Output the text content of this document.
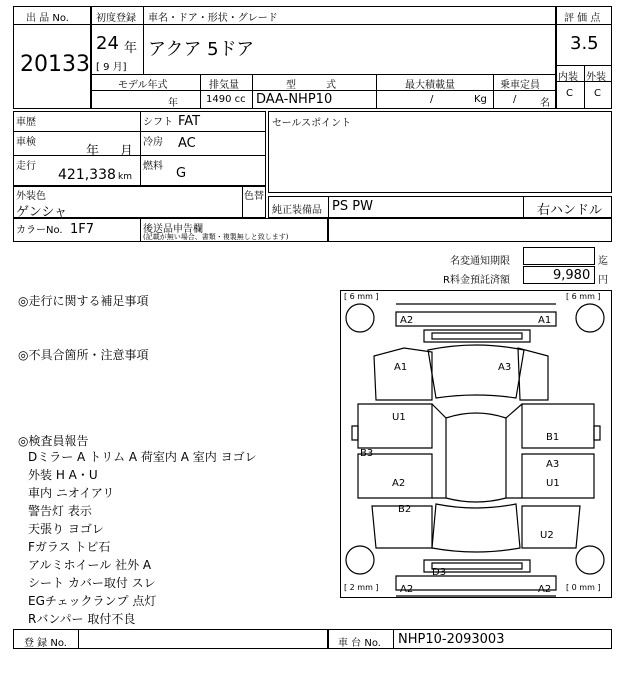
出 品 No.
20133
初度登録 車名・ドア・形状・グレード
24 年
[ 9 月]
アクア 5ドア
モデル年式	排気量	型　　　式	最大積載量	乗車定員
年	1490 cc DAA-NHP10	/	Kg	/ 名
評 価 点
3.5
内装 外装
C C
車歴
車検
年 月
走行
421,338 km
シフト FAT
冷房 AC
燃料 G
セールスポイント
外装色
ゲンシャ
色替
純正装備品 PS PW	右ハンドル
カラーNo. 1F7	後送品申告欄
(記載が無い場合、書類・複製無しと致します)
名変通知期限	迄
R料金預託済額	9,980 円
◎走行に関する補足事項
◎不具合箇所・注意事項
◎検査員報告
Dミラー A トリム A 荷室内 A 室内 ヨゴレ
外装 H A・U
車内 ニオイアリ
警告灯 表示
天張り ヨゴレ
Fガラス トビ石
アルミホイール 社外 A
シート カバー取付 スレ
EGチェックランプ 点灯
Rバンパー 取付不良
A2	A1
A1	A3
U1
B1
B3
A3
A2	U1
B2
U2
D3
A2	A2
[ 6 mm ]	[ 6 mm ]
[ 2 mm ]	[ 0 mm ]
登 録 No.	車 台 No. NHP10-2093003
